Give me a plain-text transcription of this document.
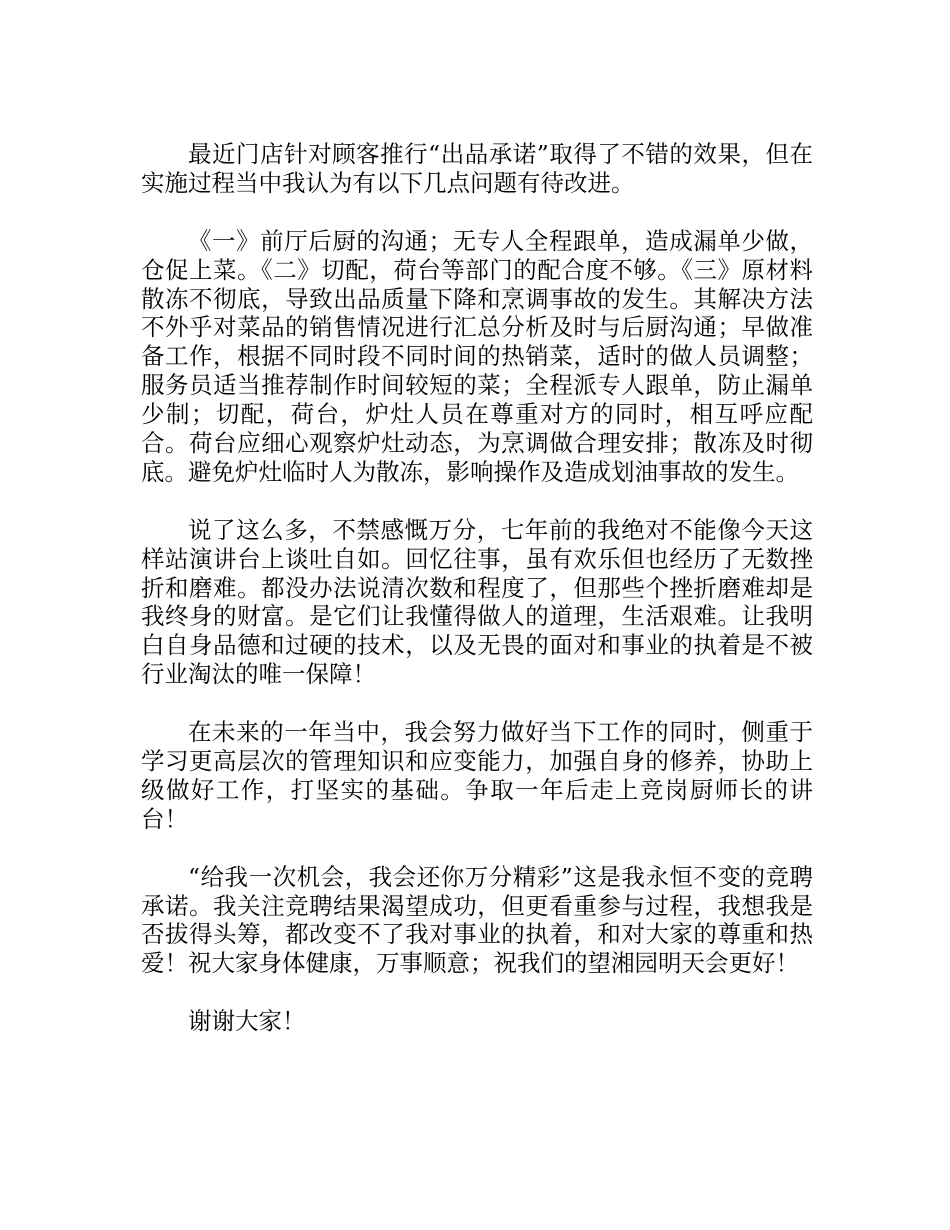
最近门店针对顾客推行“出品承诺”取得了不错的效果，但在实施过程当中我认为有以下几点问题有待改进。

《一》前厅后厨的沟通；无专人全程跟单，造成漏单少做，仓促上菜。《二》切配，荷台等部门的配合度不够。《三》原材料散冻不彻底，导致出品质量下降和烹调事故的发生。其解决方法不外乎对菜品的销售情况进行汇总分析及时与后厨沟通；早做准备工作，根据不同时段不同时间的热销菜，适时的做人员调整；服务员适当推荐制作时间较短的菜；全程派专人跟单，防止漏单少制；切配，荷台，炉灶人员在尊重对方的同时，相互呼应配合。荷台应细心观察炉灶动态，为烹调做合理安排；散冻及时彻底。避免炉灶临时人为散冻，影响操作及造成划油事故的发生。

说了这么多，不禁感慨万分，七年前的我绝对不能像今天这样站演讲台上谈吐自如。回忆往事，虽有欢乐但也经历了无数挫折和磨难。都没办法说清次数和程度了，但那些个挫折磨难却是我终身的财富。是它们让我懂得做人的道理，生活艰难。让我明白自身品德和过硬的技术，以及无畏的面对和事业的执着是不被行业淘汰的唯一保障！

在未来的一年当中，我会努力做好当下工作的同时，侧重于学习更高层次的管理知识和应变能力，加强自身的修养，协助上级做好工作，打坚实的基础。争取一年后走上竞岗厨师长的讲台！

“给我一次机会，我会还你万分精彩”这是我永恒不变的竞聘承诺。我关注竞聘结果渴望成功，但更看重参与过程，我想我是否拔得头筹，都改变不了我对事业的执着，和对大家的尊重和热爱！祝大家身体健康，万事顺意；祝我们的望湘园明天会更好！

谢谢大家！
